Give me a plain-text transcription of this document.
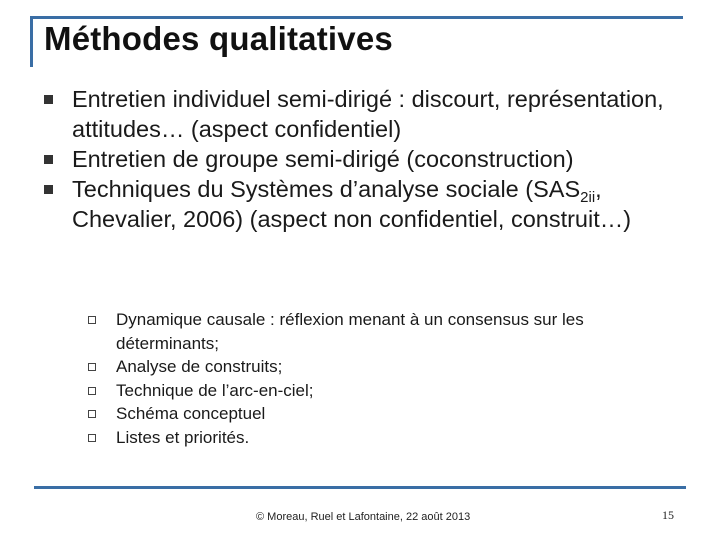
Méthodes qualitatives
Entretien individuel semi-dirigé : discourt, représentation, attitudes… (aspect confidentiel)
Entretien de groupe semi-dirigé (coconstruction)
Techniques du Systèmes d’analyse sociale ($SAS_{2ii}$, Chevalier, 2006) (aspect non confidentiel, construit…)
Dynamique causale : réflexion menant à un consensus sur les déterminants;
Analyse de construits;
Technique de l’arc-en-ciel;
Schéma conceptuel
Listes et priorités.
© Moreau, Ruel et Lafontaine, 22 août 2013	15
